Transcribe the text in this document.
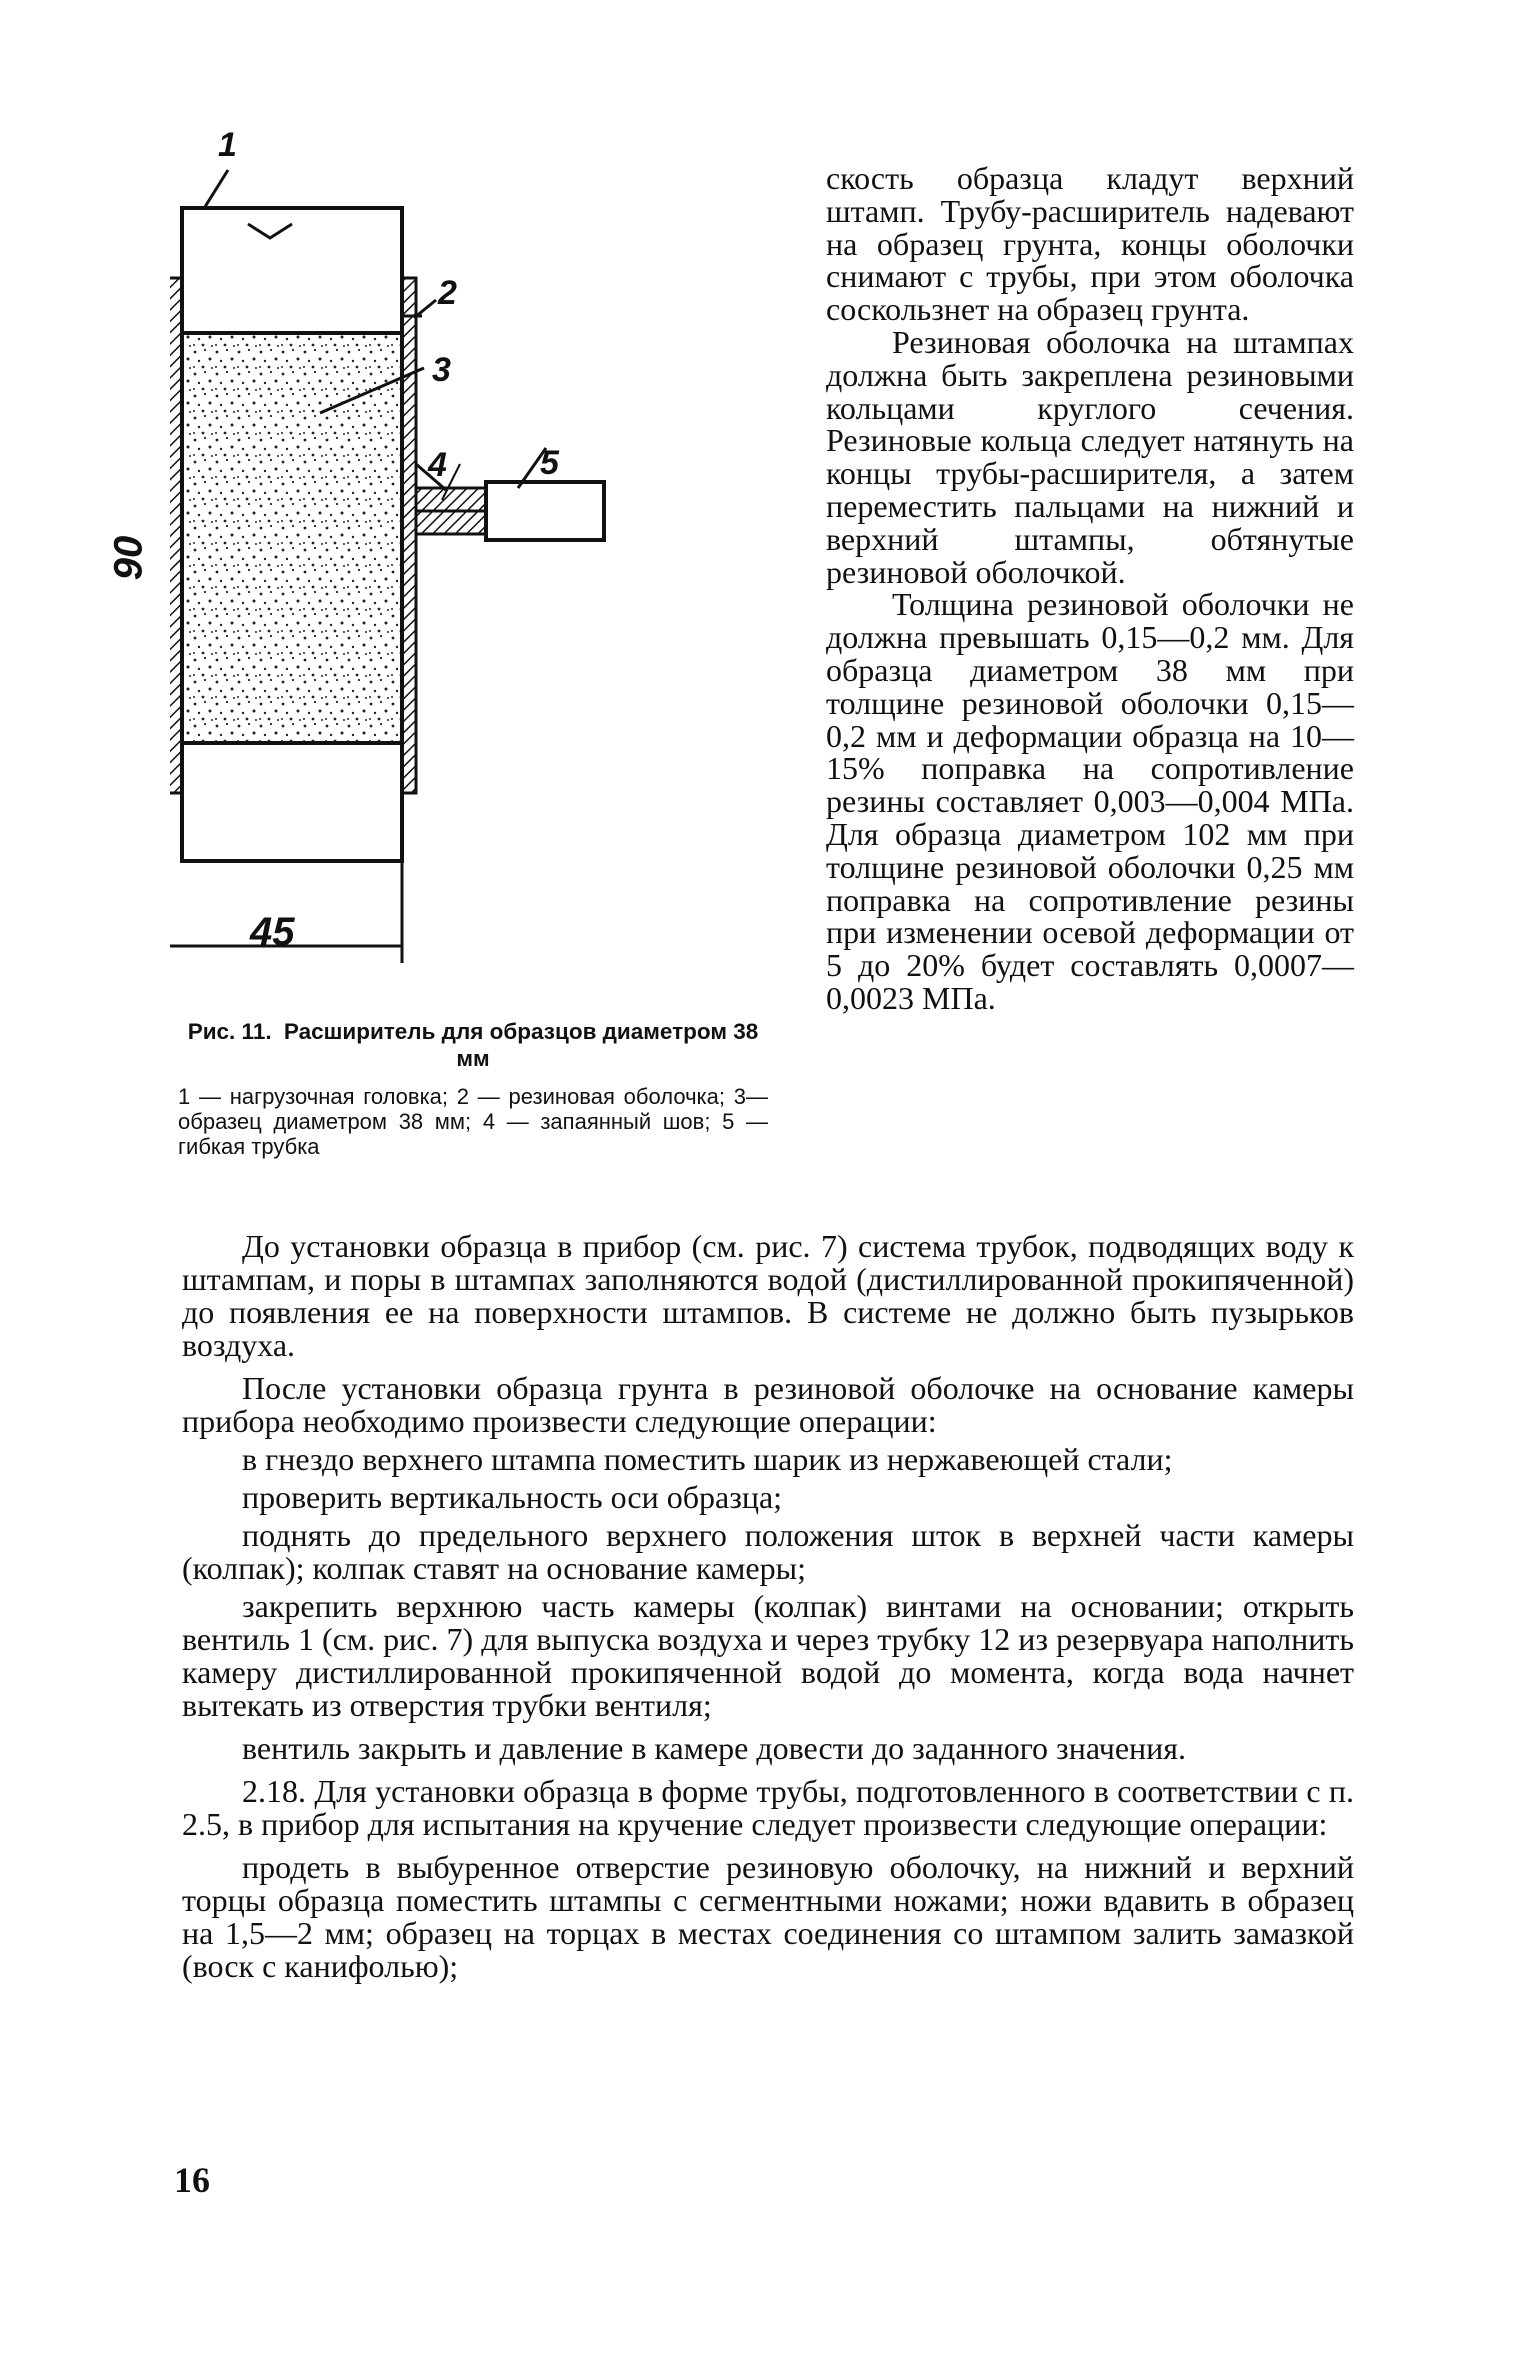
1
2
3
4	5
90
45

Рис. 11. Расширитель для образцов диаметром 38 мм

1 — нагрузочная головка; 2 — резиновая оболочка; 3—образец диаметром 38 мм; 4 — запаянный шов; 5 — гибкая трубка

скость образца кладут верхний штамп. Трубу-расширитель надевают на образец грунта, концы оболочки снимают с трубы, при этом оболочка соскользнет на образец грунта.

Резиновая оболочка на штампах должна быть закреплена резиновыми кольцами круглого сечения. Резиновые кольца следует натянуть на концы трубы-расширителя, а затем переместить пальцами на нижний и верхний штампы, обтянутые резиновой оболочкой.

Толщина резиновой оболочки не должна превышать 0,15—0,2 мм. Для образца диаметром 38 мм при толщине резиновой оболочки 0,15—0,2 мм и деформации образца на 10—15% поправка на сопротивление резины составляет 0,003—0,004 МПа. Для образца диаметром 102 мм при толщине резиновой оболочки 0,25 мм поправка на сопротивление резины при изменении осевой деформации от 5 до 20% будет составлять 0,0007—0,0023 МПа.

До установки образца в прибор (см. рис. 7) система трубок, подводящих воду к штампам, и поры в штампах заполняются водой (дистиллированной прокипяченной) до появления ее на поверхности штампов. В системе не должно быть пузырьков воздуха.

После установки образца грунта в резиновой оболочке на основание камеры прибора необходимо произвести следующие операции:

в гнездо верхнего штампа поместить шарик из нержавеющей стали;

проверить вертикальность оси образца;

поднять до предельного верхнего положения шток в верхней части камеры (колпак); колпак ставят на основание камеры;

закрепить верхнюю часть камеры (колпак) винтами на основании; открыть вентиль 1 (см. рис. 7) для выпуска воздуха и через трубку 12 из резервуара наполнить камеру дистиллированной прокипяченной водой до момента, когда вода начнет вытекать из отверстия трубки вентиля;

вентиль закрыть и давление в камере довести до заданного значения.

2.18. Для установки образца в форме трубы, подготовленного в соответствии с п. 2.5, в прибор для испытания на кручение следует произвести следующие операции:

продеть в выбуренное отверстие резиновую оболочку, на нижний и верхний торцы образца поместить штампы с сегментными ножами; ножи вдавить в образец на 1,5—2 мм; образец на торцах в местах соединения со штампом залить замазкой (воск с канифолью);

16
